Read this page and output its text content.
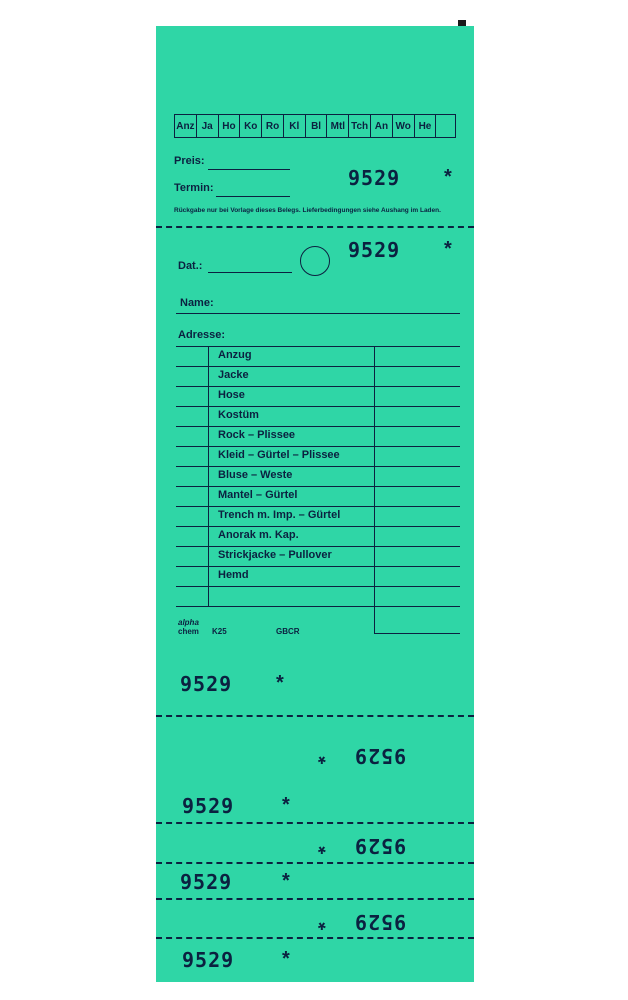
Anz Ja Ho Ko Ro	Kl	Bl Mtl Tch An Wo He
Preis:
Termin:	9529 *
Rückgabe nur bei Vorlage dieses Belegs. Lieferbedingungen siehe Aushang im Laden.
9529 *
Dat.:
Name:
Adresse:
Anzug
Jacke
Hose
Kostüm
Rock – Plissee
Kleid – Gürtel – Plissee
Bluse – Weste
Mantel – Gürtel
Trench m. Imp. – Gürtel
Anorak m. Kap.
Strickjacke – Pullover
Hemd
alpha
chem K25	GBCR
9529 *
9529
*
9529 *
9529
*
9529 *
9529
*
9529 *
